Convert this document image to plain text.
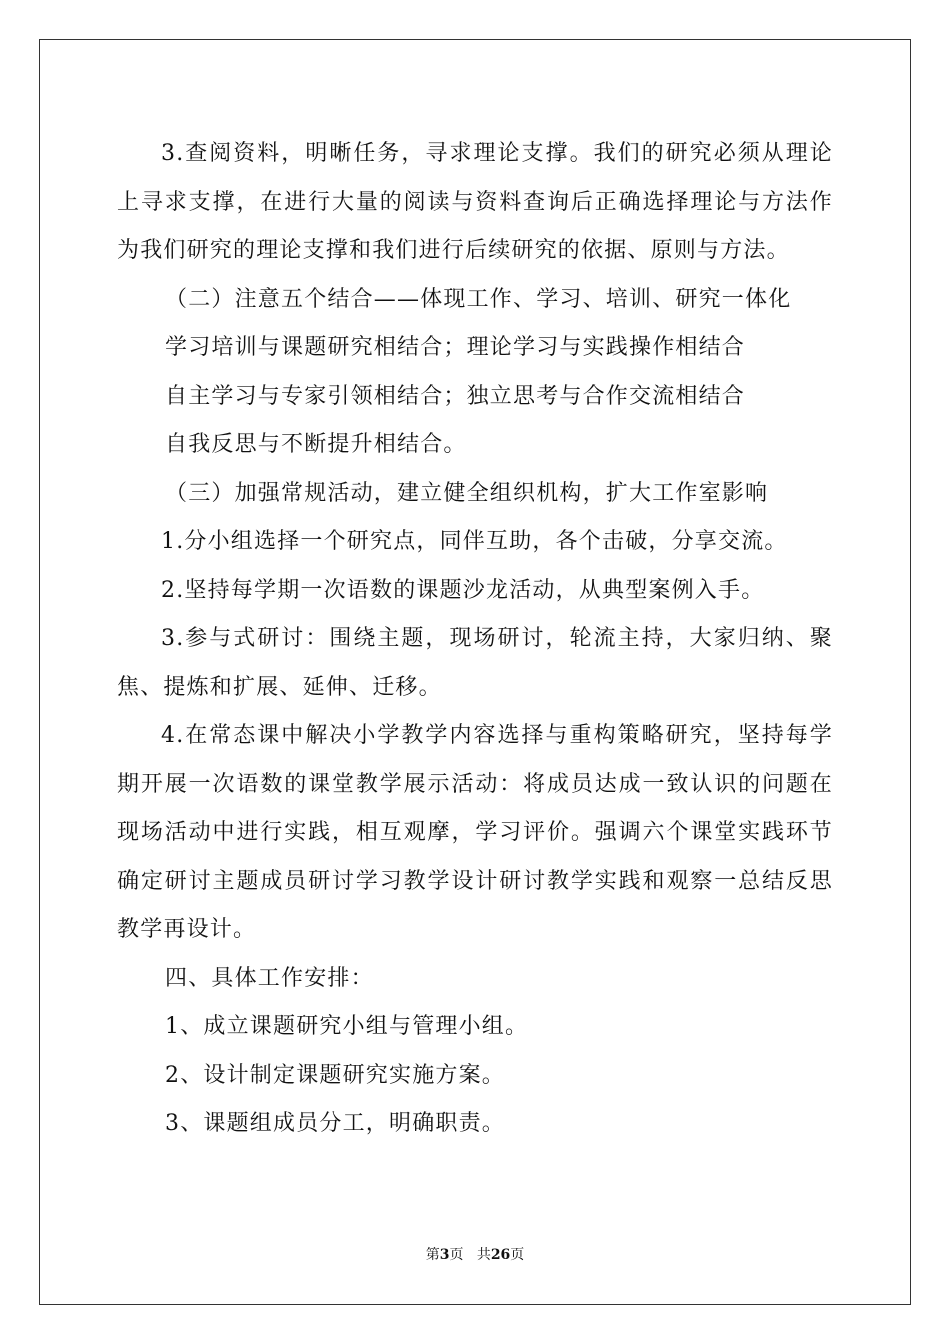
3.查阅资料，明晰任务，寻求理论支撑。我们的研究必须从理论上寻求支撑，在进行大量的阅读与资料查询后正确选择理论与方法作为我们研究的理论支撑和我们进行后续研究的依据、原则与方法。

（二）注意五个结合——体现工作、学习、培训、研究一体化

学习培训与课题研究相结合；理论学习与实践操作相结合

自主学习与专家引领相结合；独立思考与合作交流相结合

自我反思与不断提升相结合。

（三）加强常规活动，建立健全组织机构，扩大工作室影响

1.分小组选择一个研究点，同伴互助，各个击破，分享交流。

2.坚持每学期一次语数的课题沙龙活动，从典型案例入手。

3.参与式研讨：围绕主题，现场研讨，轮流主持，大家归纳、聚焦、提炼和扩展、延伸、迁移。

4.在常态课中解决小学教学内容选择与重构策略研究，坚持每学期开展一次语数的课堂教学展示活动：将成员达成一致认识的问题在现场活动中进行实践，相互观摩，学习评价。强调六个课堂实践环节确定研讨主题成员研讨学习教学设计研讨教学实践和观察一总结反思教学再设计。

四、具体工作安排：

1、成立课题研究小组与管理小组。

2、设计制定课题研究实施方案。

3、课题组成员分工，明确职责。

第3页 共26页
